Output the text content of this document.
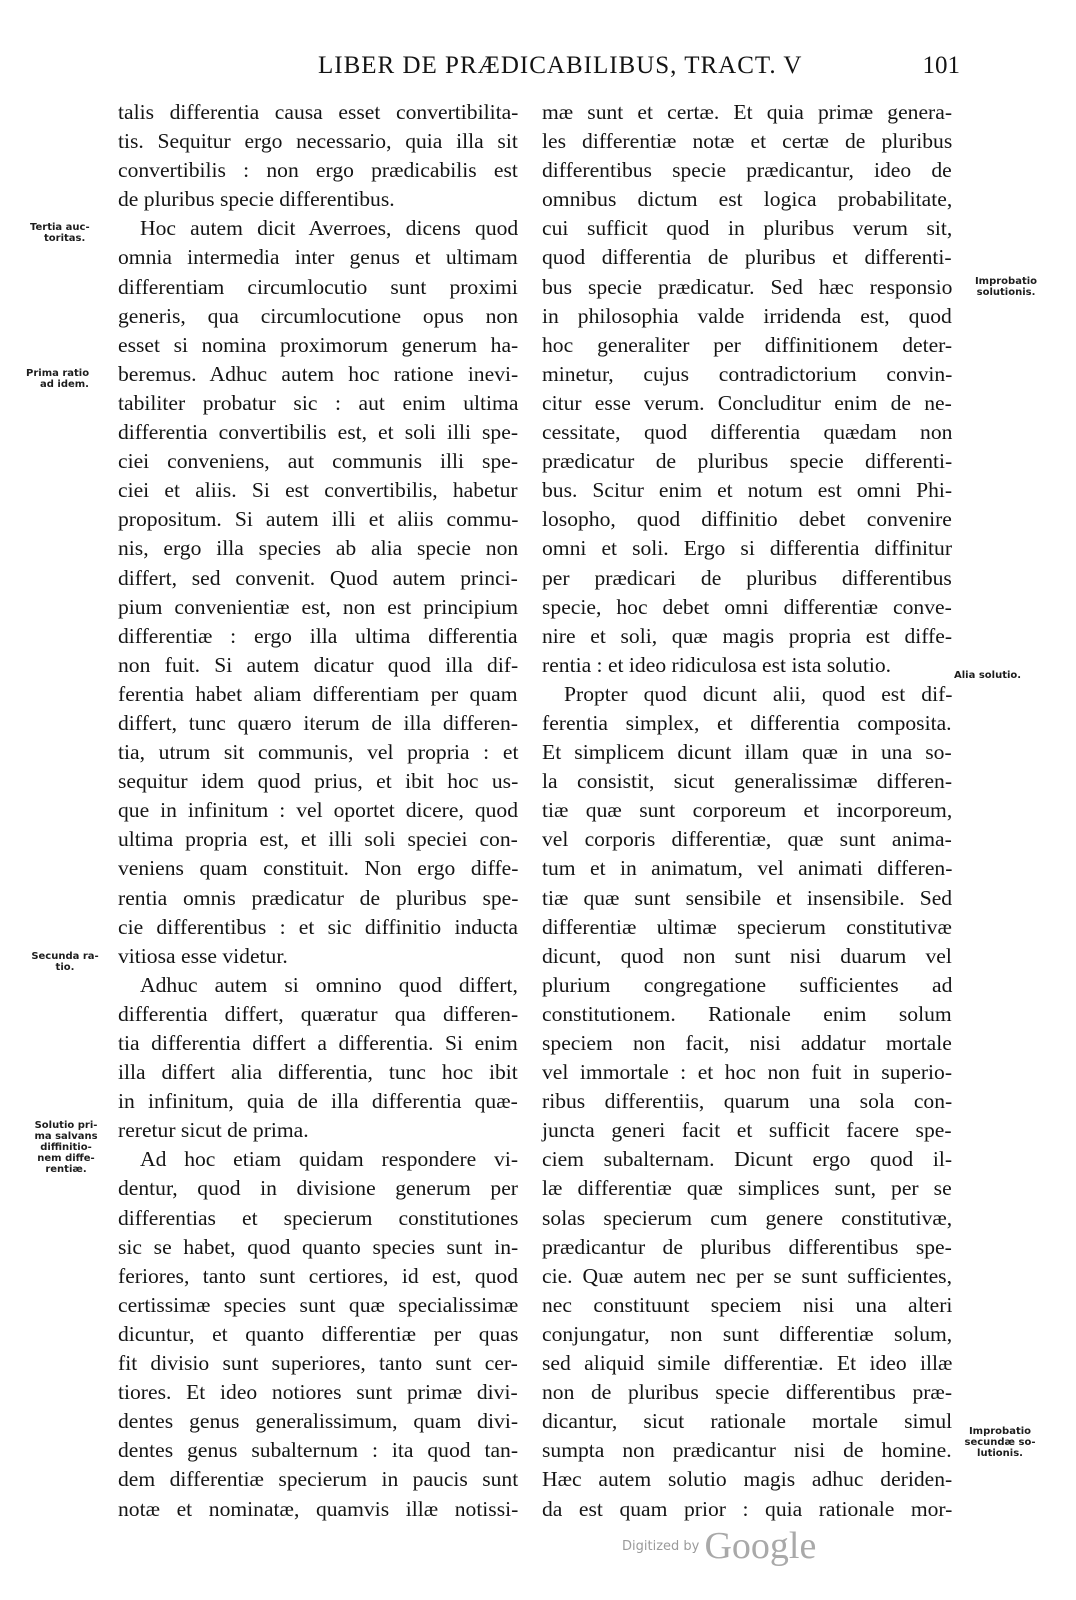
LIBER DE PRÆDICABILIBUS, TRACT. V	101
talis differentia causa esset convertibilita-
tis. Sequitur ergo necessario, quia illa sit
convertibilis : non ergo prædicabilis est
de pluribus specie differentibus.
Hoc autem dicit Averroes, dicens quod
omnia intermedia inter genus et ultimam
differentiam circumlocutio sunt proximi
generis, qua circumlocutione opus non
esset si nomina proximorum generum ha-
beremus. Adhuc autem hoc ratione inevi-
tabiliter probatur sic : aut enim ultima
differentia convertibilis est, et soli illi spe-
ciei conveniens, aut communis illi spe-
ciei et aliis. Si est convertibilis, habetur
propositum. Si autem illi et aliis commu-
nis, ergo illa species ab alia specie non
differt, sed convenit. Quod autem princi-
pium convenientiæ est, non est principium
differentiæ : ergo illa ultima differentia
non fuit. Si autem dicatur quod illa dif-
ferentia habet aliam differentiam per quam
differt, tunc quæro iterum de illa differen-
tia, utrum sit communis, vel propria : et
sequitur idem quod prius, et ibit hoc us-
que in infinitum : vel oportet dicere, quod
ultima propria est, et illi soli speciei con-
veniens quam constituit. Non ergo diffe-
rentia omnis prædicatur de pluribus spe-
cie differentibus : et sic diffinitio inducta
vitiosa esse videtur.
Adhuc autem si omnino quod differt,
differentia differt, quæratur qua differen-
tia differentia differt a differentia. Si enim
illa differt alia differentia, tunc hoc ibit
in infinitum, quia de illa differentia quæ-
reretur sicut de prima.
Ad hoc etiam quidam respondere vi-
dentur, quod in divisione generum per
differentias et specierum constitutiones
sic se habet, quod quanto species sunt in-
feriores, tanto sunt certiores, id est, quod
certissimæ species sunt quæ specialissimæ
dicuntur, et quanto differentiæ per quas
fit divisio sunt superiores, tanto sunt cer-
tiores. Et ideo notiores sunt primæ divi-
dentes genus generalissimum, quam divi-
dentes genus subalternum : ita quod tan-
dem differentiæ specierum in paucis sunt
notæ et nominatæ, quamvis illæ notissi-
mæ sunt et certæ. Et quia primæ genera-
les differentiæ notæ et certæ de pluribus
differentibus specie prædicantur, ideo de
omnibus dictum est logica probabilitate,
cui sufficit quod in pluribus verum sit,
quod differentia de pluribus et differenti-
bus specie prædicatur. Sed hæc responsio
in philosophia valde irridenda est, quod
hoc generaliter per diffinitionem deter-
minetur, cujus contradictorium convin-
citur esse verum. Concluditur enim de ne-
cessitate, quod differentia quædam non
prædicatur de pluribus specie differenti-
bus. Scitur enim et notum est omni Phi-
losopho, quod diffinitio debet convenire
omni et soli. Ergo si differentia diffinitur
per prædicari de pluribus differentibus
specie, hoc debet omni differentiæ conve-
nire et soli, quæ magis propria est diffe-
rentia : et ideo ridiculosa est ista solutio.
Propter quod dicunt alii, quod est dif-
ferentia simplex, et differentia composita.
Et simplicem dicunt illam quæ in una so-
la consistit, sicut generalissimæ differen-
tiæ quæ sunt corporeum et incorporeum,
vel corporis differentiæ, quæ sunt anima-
tum et in animatum, vel animati differen-
tiæ quæ sunt sensibile et insensibile. Sed
differentiæ ultimæ specierum constitutivæ
dicunt, quod non sunt nisi duarum vel
plurium congregatione sufficientes ad
constitutionem. Rationale enim solum
speciem non facit, nisi addatur mortale
vel immortale : et hoc non fuit in superio-
ribus differentiis, quarum una sola con-
juncta generi facit et sufficit facere spe-
ciem subalternam. Dicunt ergo quod il-
læ differentiæ quæ simplices sunt, per se
solas specierum cum genere constitutivæ,
prædicantur de pluribus differentibus spe-
cie. Quæ autem nec per se sunt sufficientes,
nec constituunt speciem nisi una alteri
conjungatur, non sunt differentiæ solum,
sed aliquid simile differentiæ. Et ideo illæ
non de pluribus specie differentibus præ-
dicantur, sicut rationale mortale simul
sumpta non prædicantur nisi de homine.
Hæc autem solutio magis adhuc deriden-
da est quam prior : quia rationale mor-
Tertia auc-
toritas.
Prima ratio
ad idem.
Secunda ra-
tio.
Solutio pri-
ma salvans
diffinitio-
nem diffe-
rentiæ.
Improbatio
solutionis.
Alia solutio.
Improbatio
secundæ so-
lutionis.
$^{Digitized by}$ Google
